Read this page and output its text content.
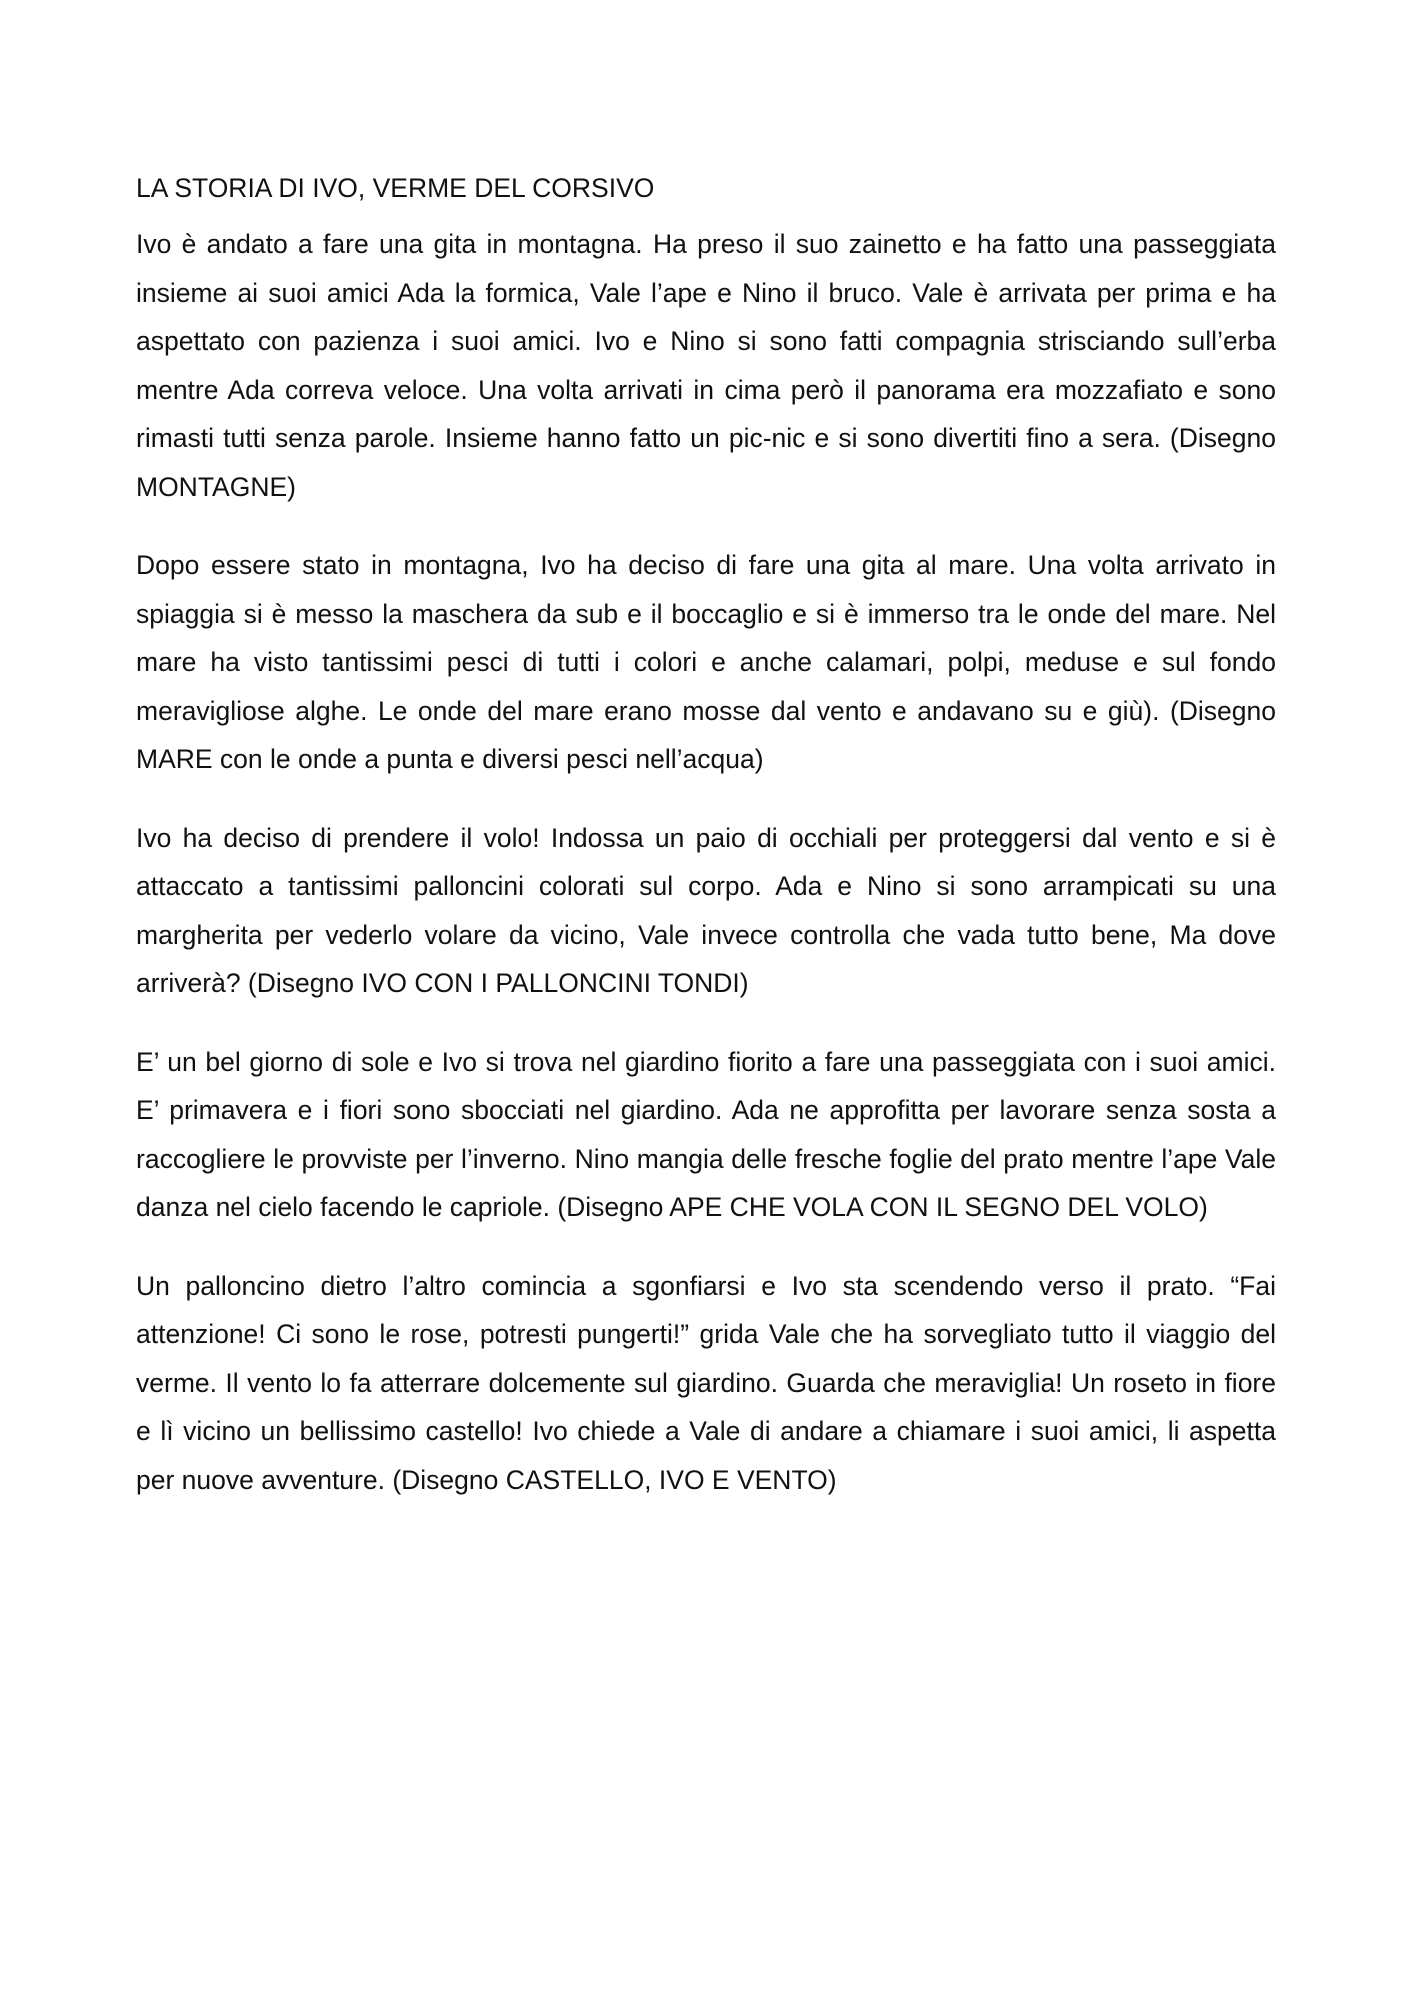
LA STORIA DI IVO, VERME DEL CORSIVO

Ivo è andato a fare una gita in montagna. Ha preso il suo zainetto e ha fatto una passeggiata insieme ai suoi amici Ada la formica, Vale l’ape e Nino il bruco. Vale è arrivata per prima e ha aspettato con pazienza i suoi amici. Ivo e Nino si sono fatti compagnia strisciando sull’erba mentre Ada correva veloce. Una volta arrivati in cima però il panorama era mozzafiato e sono rimasti tutti senza parole. Insieme hanno fatto un pic-nic e si sono divertiti fino a sera. (Disegno MONTAGNE)

Dopo essere stato in montagna, Ivo ha deciso di fare una gita al mare. Una volta arrivato in spiaggia si è messo la maschera da sub e il boccaglio e si è immerso tra le onde del mare. Nel mare ha visto tantissimi pesci di tutti i colori e anche calamari, polpi, meduse e sul fondo meravigliose alghe. Le onde del mare erano mosse dal vento e andavano su e giù). (Disegno MARE con le onde a punta e diversi pesci nell’acqua)

Ivo ha deciso di prendere il volo! Indossa un paio di occhiali per proteggersi dal vento e si è attaccato a tantissimi palloncini colorati sul corpo. Ada e Nino si sono arrampicati su una margherita per vederlo volare da vicino, Vale invece controlla che vada tutto bene, Ma dove arriverà? (Disegno IVO CON I PALLONCINI TONDI)

E’ un bel giorno di sole e Ivo si trova nel giardino fiorito a fare una passeggiata con i suoi amici. E’ primavera e i fiori sono sbocciati nel giardino. Ada ne approfitta per lavorare senza sosta a raccogliere le provviste per l’inverno. Nino mangia delle fresche foglie del prato mentre l’ape Vale danza nel cielo facendo le capriole. (Disegno APE CHE VOLA CON IL SEGNO DEL VOLO)

Un palloncino dietro l’altro comincia a sgonfiarsi e Ivo sta scendendo verso il prato. “Fai attenzione! Ci sono le rose, potresti pungerti!” grida Vale che ha sorvegliato tutto il viaggio del verme. Il vento lo fa atterrare dolcemente sul giardino. Guarda che meraviglia! Un roseto in fiore e lì vicino un bellissimo castello! Ivo chiede a Vale di andare a chiamare i suoi amici, li aspetta per nuove avventure. (Disegno CASTELLO, IVO E VENTO)
